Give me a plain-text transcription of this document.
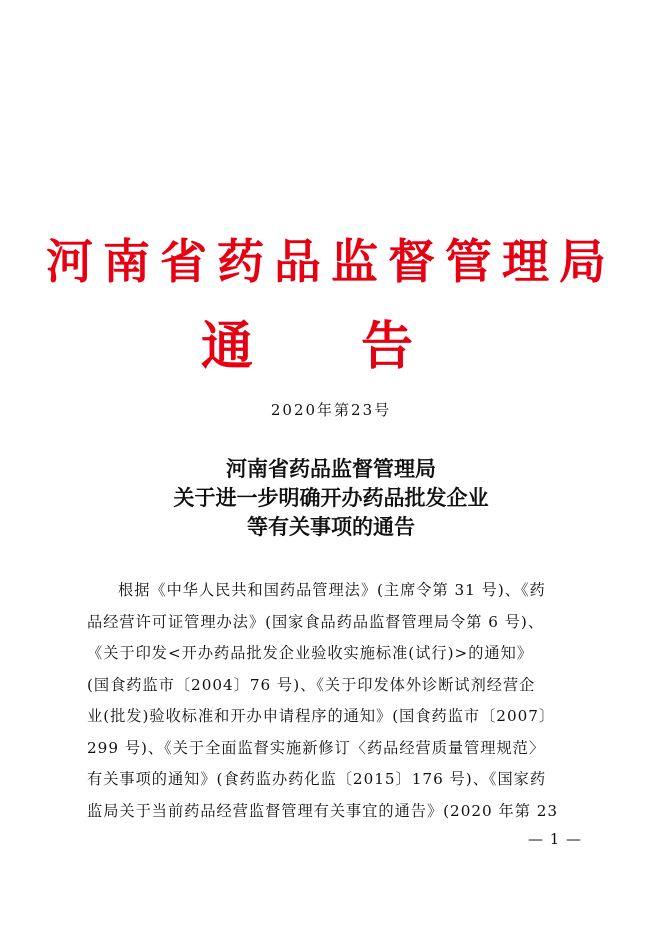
河南省药品监督管理局
通告
2020年第23号
河南省药品监督管理局
关于进一步明确开办药品批发企业
等有关事项的通告
根据《中华人民共和国药品管理法》(主席令第 31 号)、《药
品经营许可证管理办法》(国家食品药品监督管理局令第 6 号)、
《关于印发<开办药品批发企业验收实施标准(试行)>的通知》
(国食药监市〔2004〕76 号)、《关于印发体外诊断试剂经营企
业(批发)验收标准和开办申请程序的通知》(国食药监市〔2007〕
299 号)、《关于全面监督实施新修订〈药品经营质量管理规范〉
有关事项的通知》(食药监办药化监〔2015〕176 号)、《国家药
监局关于当前药品经营监督管理有关事宜的通告》(2020 年第 23
— 1 —
